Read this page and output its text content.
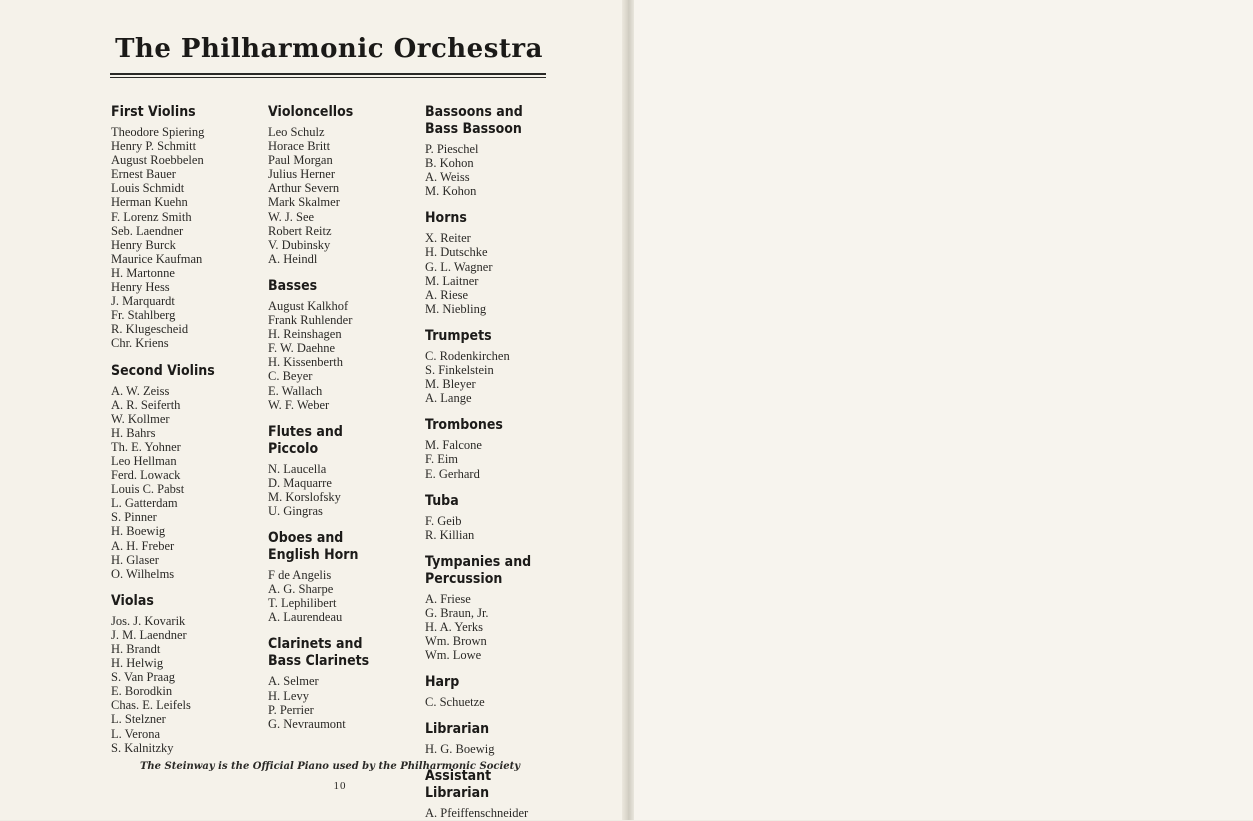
The Philharmonic Orchestra
First Violins
Theodore Spiering
Henry P. Schmitt
August Roebbelen
Ernest Bauer
Louis Schmidt
Herman Kuehn
F. Lorenz Smith
Seb. Laendner
Henry Burck
Maurice Kaufman
H. Martonne
Henry Hess
J. Marquardt
Fr. Stahlberg
R. Klugescheid
Chr. Kriens
Second Violins
A. W. Zeiss
A. R. Seiferth
W. Kollmer
H. Bahrs
Th. E. Yohner
Leo Hellman
Ferd. Lowack
Louis C. Pabst
L. Gatterdam
S. Pinner
H. Boewig
A. H. Freber
H. Glaser
O. Wilhelms
Violas
Jos. J. Kovarik
J. M. Laendner
H. Brandt
H. Helwig
S. Van Praag
E. Borodkin
Chas. E. Leifels
L. Stelzner
L. Verona
S. Kalnitzky
Violoncellos
Leo Schulz
Horace Britt
Paul Morgan
Julius Herner
Arthur Severn
Mark Skalmer
W. J. See
Robert Reitz
V. Dubinsky
A. Heindl
Basses
August Kalkhof
Frank Ruhlender
H. Reinshagen
F. W. Daehne
H. Kissenberth
C. Beyer
E. Wallach
W. F. Weber
Flutes and
Piccolo
N. Laucella
D. Maquarre
M. Korslofsky
U. Gingras
Oboes and
English Horn
F de Angelis
A. G. Sharpe
T. Lephilibert
A. Laurendeau
Clarinets and
Bass Clarinets
A. Selmer
H. Levy
P. Perrier
G. Nevraumont
Bassoons and
Bass Bassoon
P. Pieschel
B. Kohon
A. Weiss
M. Kohon
Horns
X. Reiter
H. Dutschke
G. L. Wagner
M. Laitner
A. Riese
M. Niebling
Trumpets
C. Rodenkirchen
S. Finkelstein
M. Bleyer
A. Lange
Trombones
M. Falcone
F. Eim
E. Gerhard
Tuba
F. Geib
R. Killian
Tympanies and
Percussion
A. Friese
G. Braun, Jr.
H. A. Yerks
Wm. Brown
Wm. Lowe
Harp
C. Schuetze
Librarian
H. G. Boewig
Assistant
Librarian
A. Pfeiffenschneider
The Steinway is the Official Piano used by the Philharmonic Society
10
